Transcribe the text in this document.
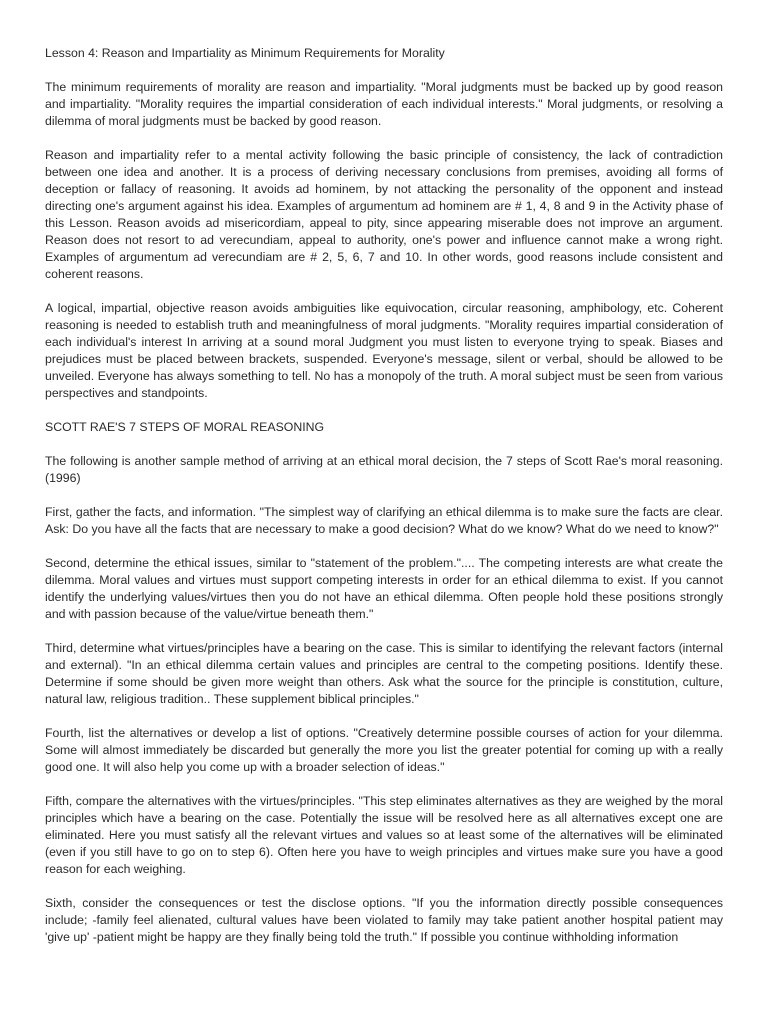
Lesson 4: Reason and Impartiality as Minimum Requirements for Morality

The minimum requirements of morality are reason and impartiality. "Moral judgments must be backed up by good reason and impartiality. "Morality requires the impartial consideration of each individual interests." Moral judgments, or resolving a dilemma of moral judgments must be backed by good reason.

Reason and impartiality refer to a mental activity following the basic principle of consistency, the lack of contradiction between one idea and another. It is a process of deriving necessary conclusions from premises, avoiding all forms of deception or fallacy of reasoning. It avoids ad hominem, by not attacking the personality of the opponent and instead directing one's argument against his idea. Examples of argumentum ad hominem are # 1, 4, 8 and 9 in the Activity phase of this Lesson. Reason avoids ad misericordiam, appeal to pity, since appearing miserable does not improve an argument. Reason does not resort to ad verecundiam, appeal to authority, one's power and influence cannot make a wrong right. Examples of argumentum ad verecundiam are # 2, 5, 6, 7 and 10. In other words, good reasons include consistent and coherent reasons.

A logical, impartial, objective reason avoids ambiguities like equivocation, circular reasoning, amphibology, etc. Coherent reasoning is needed to establish truth and meaningfulness of moral judgments. "Morality requires impartial consideration of each individual's interest In arriving at a sound moral Judgment you must listen to everyone trying to speak. Biases and prejudices must be placed between brackets, suspended. Everyone's message, silent or verbal, should be allowed to be unveiled. Everyone has always something to tell. No has a monopoly of the truth. A moral subject must be seen from various perspectives and standpoints.

SCOTT RAE'S 7 STEPS OF MORAL REASONING

The following is another sample method of arriving at an ethical moral decision, the 7 steps of Scott Rae's moral reasoning. (1996)

First, gather the facts, and information. "The simplest way of clarifying an ethical dilemma is to make sure the facts are clear. Ask: Do you have all the facts that are necessary to make a good decision? What do we know? What do we need to know?"

Second, determine the ethical issues, similar to "statement of the problem.".... The competing interests are what create the dilemma. Moral values and virtues must support competing interests in order for an ethical dilemma to exist. If you cannot identify the underlying values/virtues then you do not have an ethical dilemma. Often people hold these positions strongly and with passion because of the value/virtue beneath them."

Third, determine what virtues/principles have a bearing on the case. This is similar to identifying the relevant factors (internal and external). "In an ethical dilemma certain values and principles are central to the competing positions. Identify these. Determine if some should be given more weight than others. Ask what the source for the principle is constitution, culture, natural law, religious tradition.. These supplement biblical principles."

Fourth, list the alternatives or develop a list of options. "Creatively determine possible courses of action for your dilemma. Some will almost immediately be discarded but generally the more you list the greater potential for coming up with a really good one. It will also help you come up with a broader selection of ideas."

Fifth, compare the alternatives with the virtues/principles. "This step eliminates alternatives as they are weighed by the moral principles which have a bearing on the case. Potentially the issue will be resolved here as all alternatives except one are eliminated. Here you must satisfy all the relevant virtues and values so at least some of the alternatives will be eliminated (even if you still have to go on to step 6). Often here you have to weigh principles and virtues make sure you have a good reason for each weighing.

Sixth, consider the consequences or test the disclose options. "If you the information directly possible consequences include; -family feel alienated, cultural values have been violated to family may take patient another hospital patient may 'give up' -patient might be happy are they finally being told the truth." If possible you continue withholding information
